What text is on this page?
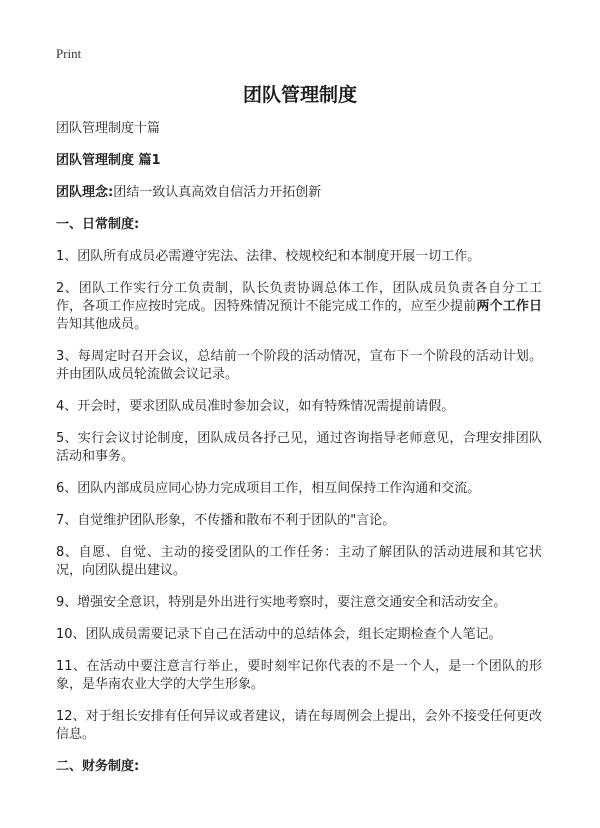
Print
团队管理制度

团队管理制度十篇

团队管理制度 篇1

团队理念:团结一致认真高效自信活力开拓创新

一、日常制度:

1、团队所有成员必需遵守宪法、法律、校规校纪和本制度开展一切工作。

2、团队工作实行分工负责制，队长负责协调总体工作，团队成员负责各自分工工作，各项工作应按时完成。因特殊情况预计不能完成工作的，应至少提前两个工作日告知其他成员。

3、每周定时召开会议，总结前一个阶段的活动情况，宣布下一个阶段的活动计划。并由团队成员轮流做会议记录。

4、开会时，要求团队成员准时参加会议，如有特殊情况需提前请假。

5、实行会议讨论制度，团队成员各抒己见，通过咨询指导老师意见，合理安排团队活动和事务。

6、团队内部成员应同心协力完成项目工作，相互间保持工作沟通和交流。

7、自觉维护团队形象，不传播和散布不利于团队的"言论。

8、自愿、自觉、主动的接受团队的工作任务：主动了解团队的活动进展和其它状况，向团队提出建议。

9、增强安全意识，特别是外出进行实地考察时，要注意交通安全和活动安全。

10、团队成员需要记录下自己在活动中的总结体会，组长定期检查个人笔记。

11、在活动中要注意言行举止，要时刻牢记你代表的不是一个人，是一个团队的形象，是华南农业大学的大学生形象。

12、对于组长安排有任何异议或者建议，请在每周例会上提出，会外不接受任何更改信息。

二、财务制度:
